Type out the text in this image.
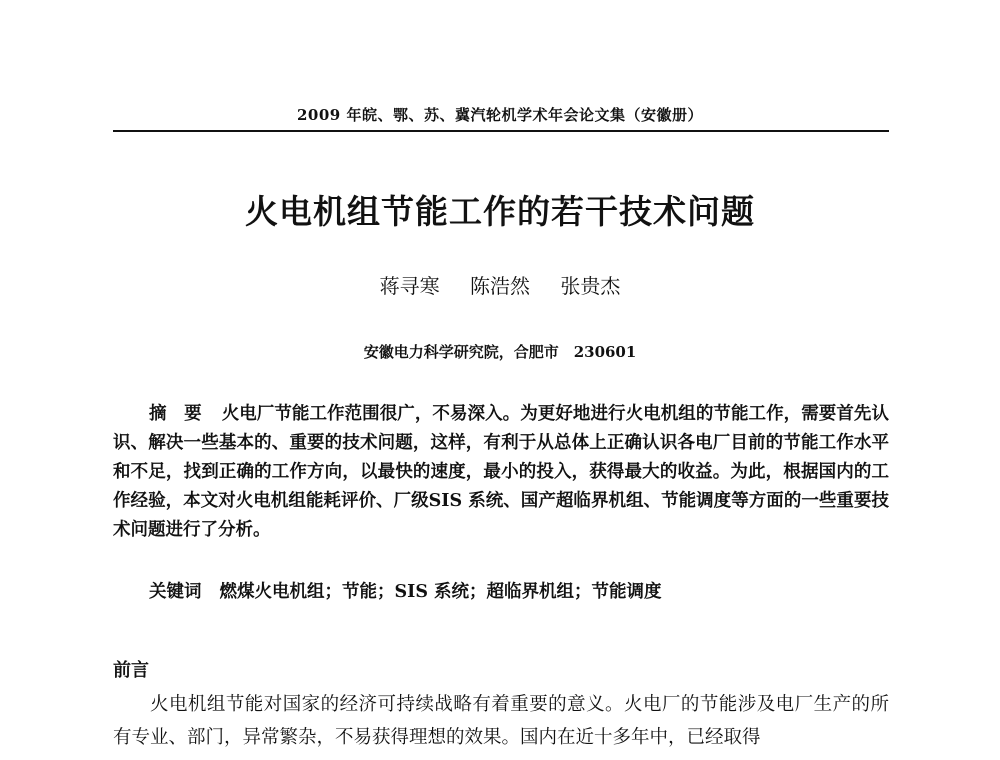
2009 年皖、鄂、苏、冀汽轮机学术年会论文集（安徽册）
火电机组节能工作的若干技术问题
蒋寻寒 陈浩然 张贵杰
安徽电力科学研究院，合肥市　230601
摘　要 火电厂节能工作范围很广，不易深入。为更好地进行火电机组的节能工作，需要首先认识、解决一些基本的、重要的技术问题，这样，有利于从总体上正确认识各电厂目前的节能工作水平和不足，找到正确的工作方向，以最快的速度，最小的投入，获得最大的收益。为此，根据国内的工作经验，本文对火电机组能耗评价、厂级SIS 系统、国产超临界机组、节能调度等方面的一些重要技术问题进行了分析。
关键词 燃煤火电机组；节能；SIS 系统；超临界机组；节能调度
前言
火电机组节能对国家的经济可持续战略有着重要的意义。火电厂的节能涉及电厂生产的所有专业、部门，异常繁杂，不易获得理想的效果。国内在近十多年中，已经取得
